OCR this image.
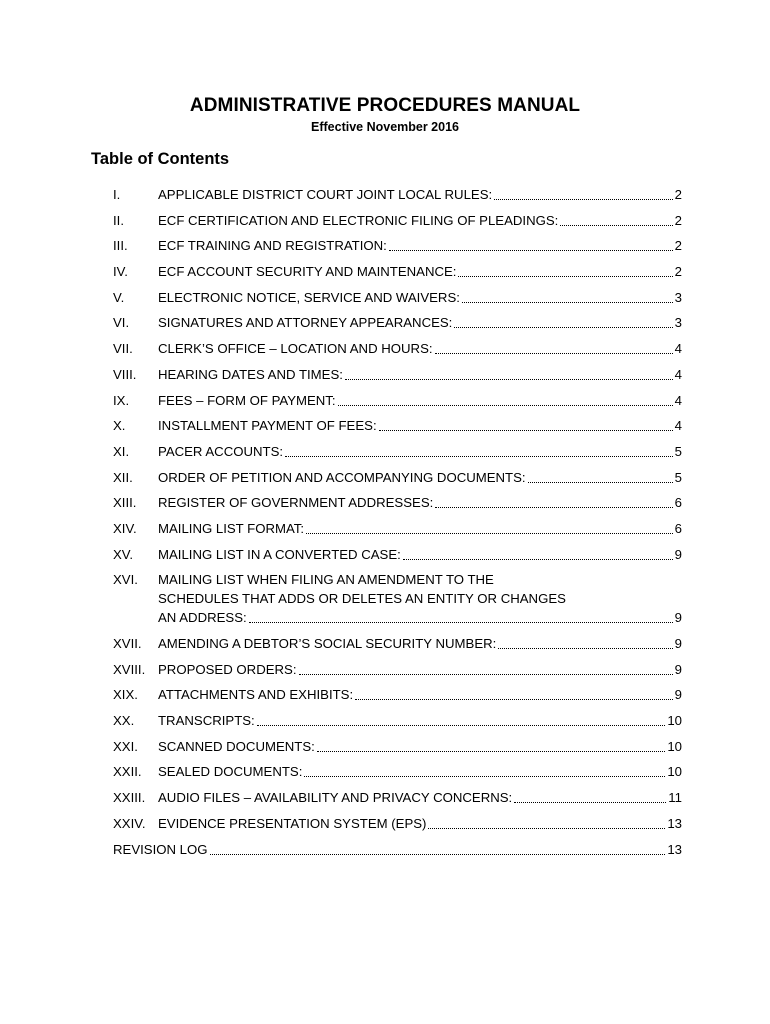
ADMINISTRATIVE PROCEDURES MANUAL
Effective November 2016
Table of Contents
I.	APPLICABLE DISTRICT COURT JOINT LOCAL RULES:	2
II.	ECF CERTIFICATION AND ELECTRONIC FILING OF PLEADINGS:	2
III.	ECF TRAINING AND REGISTRATION:	2
IV.	ECF ACCOUNT SECURITY AND MAINTENANCE:	2
V.	ELECTRONIC NOTICE, SERVICE AND WAIVERS:	3
VI.	SIGNATURES AND ATTORNEY APPEARANCES:	3
VII.	CLERK’S OFFICE – LOCATION AND HOURS:	4
VIII.	HEARING DATES AND TIMES:	4
IX.	FEES – FORM OF PAYMENT:	4
X.	INSTALLMENT PAYMENT OF FEES:	4
XI.	PACER ACCOUNTS:	5
XII.	ORDER OF PETITION AND ACCOMPANYING DOCUMENTS:	5
XIII.	REGISTER OF GOVERNMENT ADDRESSES:	6
XIV.	MAILING LIST FORMAT:	6
XV.	MAILING LIST IN A CONVERTED CASE:	9
XVI.	MAILING LIST WHEN FILING AN AMENDMENT TO THE
SCHEDULES THAT ADDS OR DELETES AN ENTITY OR CHANGES
AN ADDRESS:	9
XVII.	AMENDING A DEBTOR’S SOCIAL SECURITY NUMBER:	9
XVIII. PROPOSED ORDERS:	9
XIX.	ATTACHMENTS AND EXHIBITS:	9
XX.	TRANSCRIPTS:	10
XXI.	SCANNED DOCUMENTS:	10
XXII.	SEALED DOCUMENTS:	10
XXIII. AUDIO FILES – AVAILABILITY AND PRIVACY CONCERNS:	11
XXIV. EVIDENCE PRESENTATION SYSTEM (EPS)	13
REVISION LOG	13
